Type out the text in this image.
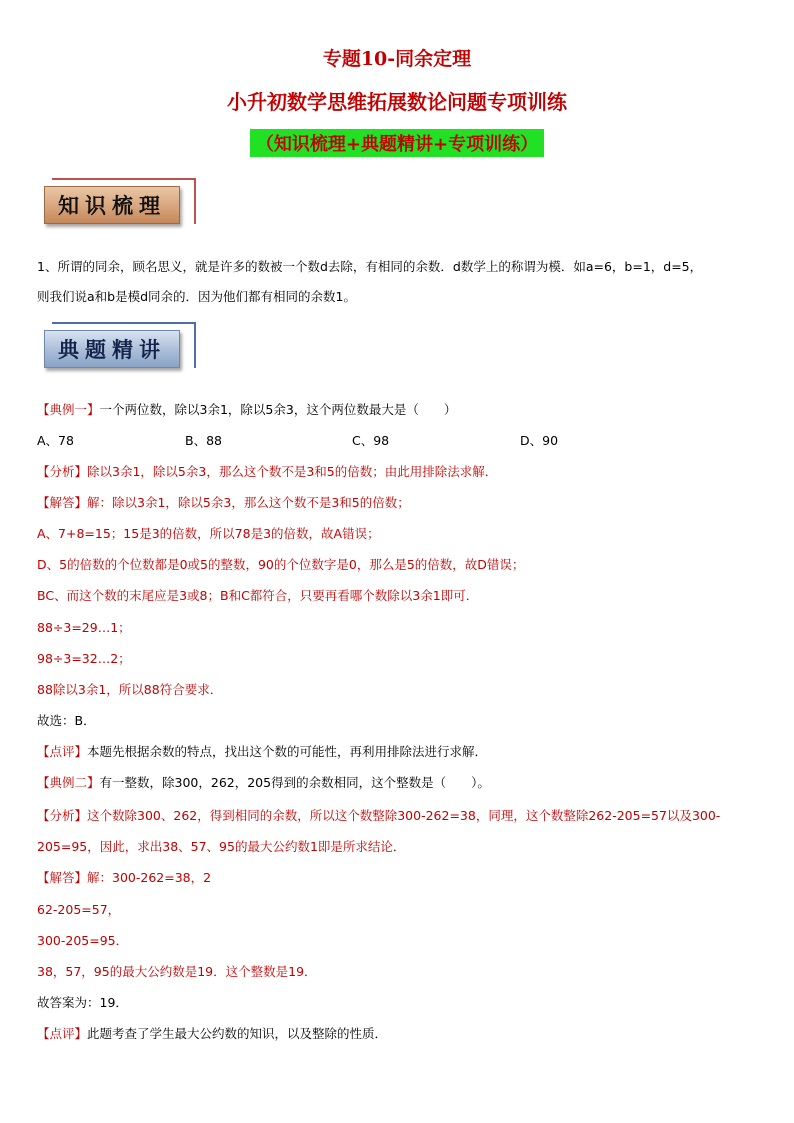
专题10-同余定理
小升初数学思维拓展数论问题专项训练
（知识梳理+典题精讲+专项训练）
知识梳理
1、所谓的同余，顾名思义，就是许多的数被一个数d去除，有相同的余数．d数学上的称谓为模．如a=6，b=1，d=5，
则我们说a和b是模d同余的．因为他们都有相同的余数1。
典题精讲
【典例一】一个两位数，除以3余1，除以5余3，这个两位数最大是（　　）
A、78	B、88	C、98	D、90
【分析】除以3余1，除以5余3，那么这个数不是3和5的倍数；由此用排除法求解．
【解答】解：除以3余1，除以5余3，那么这个数不是3和5的倍数；
A、7+8=15；15是3的倍数，所以78是3的倍数，故A错误；
D、5的倍数的个位数都是0或5的整数，90的个位数字是0，那么是5的倍数，故D错误；
BC、而这个数的末尾应是3或8；B和C都符合，只要再看哪个数除以3余1即可．
88÷3=29…1；
98÷3=32…2；
88除以3余1，所以88符合要求．
故选：B．
【点评】本题先根据余数的特点，找出这个数的可能性，再利用排除法进行求解．
【典例二】有一整数，除300，262，205得到的余数相同，这个整数是（　　）。
【分析】这个数除300、262，得到相同的余数，所以这个数整除300-262=38，同理，这个数整除262-205=57以及300-
205=95，因此，求出38、57、95的最大公约数1即是所求结论．
【解答】解：300-262=38，2
62-205=57，
300-205=95．
38，57，95的最大公约数是19．这个整数是19．
故答案为：19．
【点评】此题考查了学生最大公约数的知识，以及整除的性质．
